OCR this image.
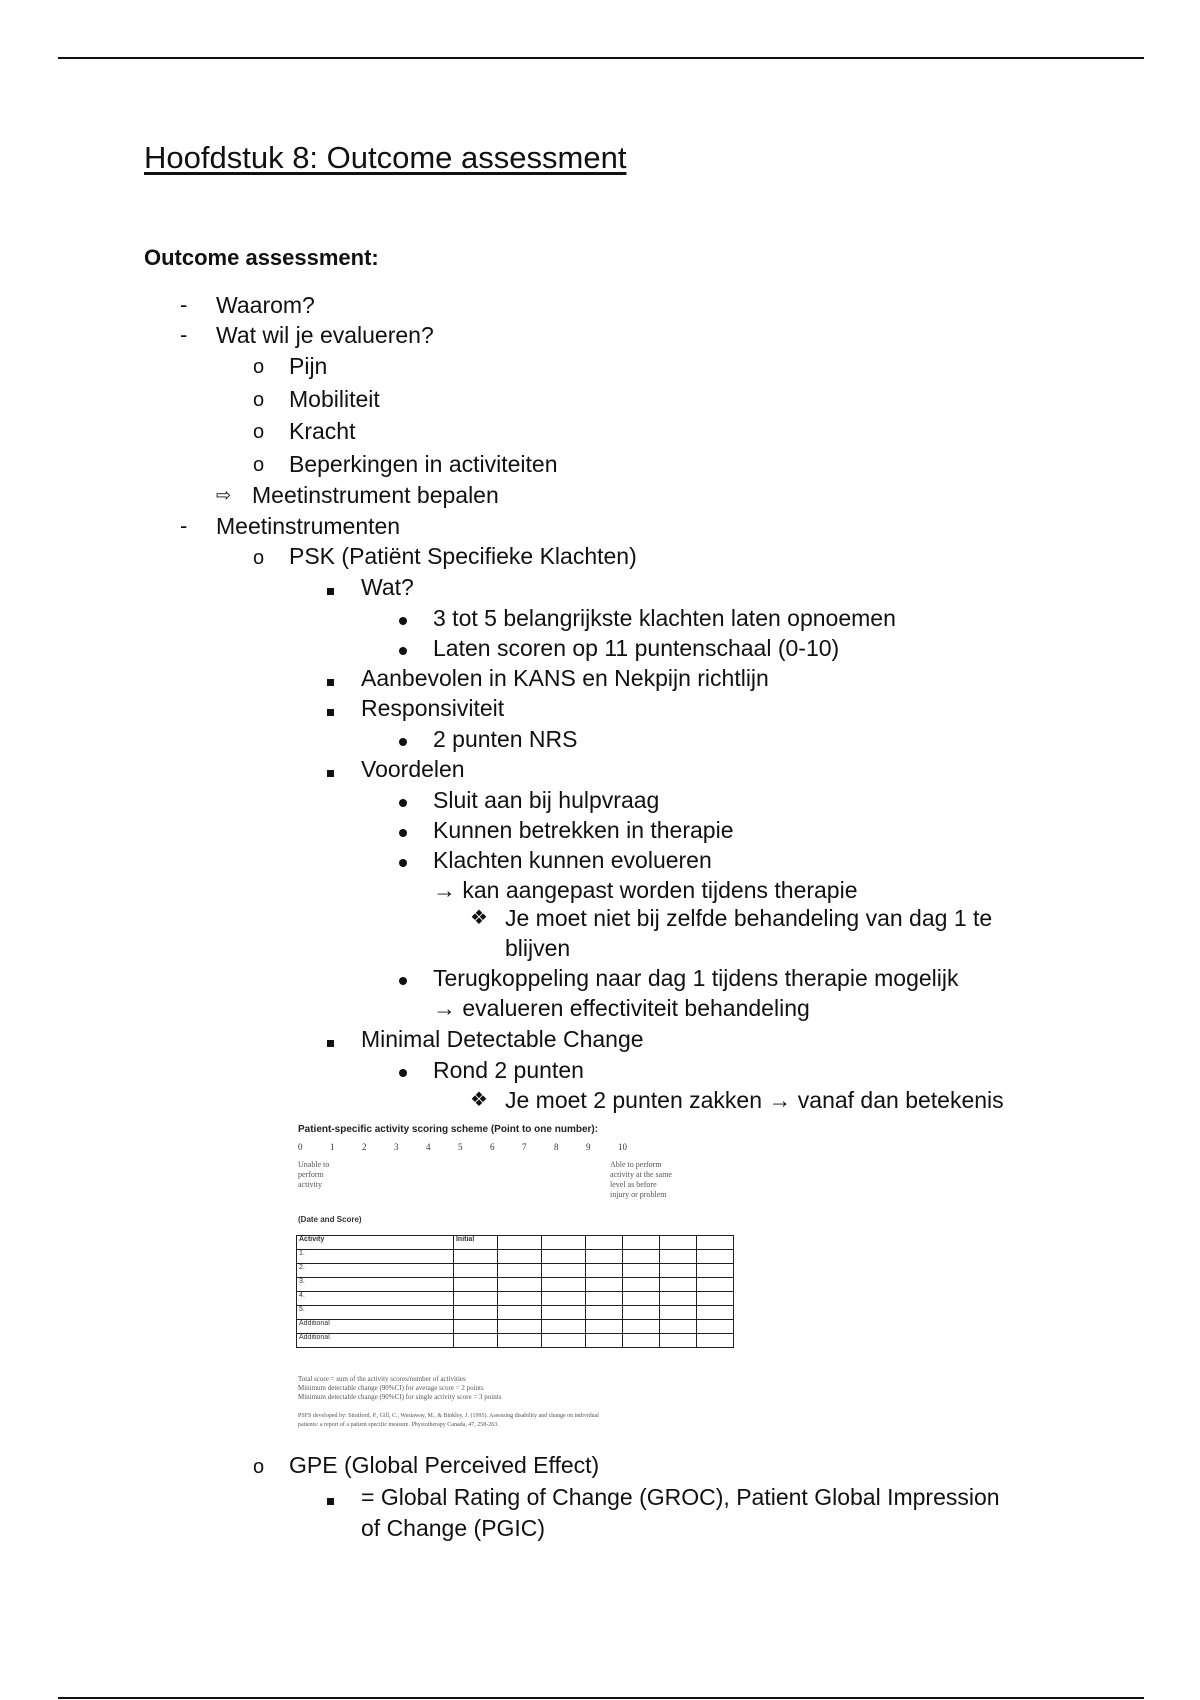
Hoofdstuk 8: Outcome assessment
Outcome assessment:
- Waarom?
- Wat wil je evalueren?
o Pijn
o Mobiliteit
o Kracht
o Beperkingen in activiteiten
⇨ Meetinstrument bepalen
- Meetinstrumenten
o PSK (Patiënt Specifieke Klachten)
Wat?
3 tot 5 belangrijkste klachten laten opnoemen
Laten scoren op 11 puntenschaal (0-10)
Aanbevolen in KANS en Nekpijn richtlijn
Responsiviteit
2 punten NRS
Voordelen
Sluit aan bij hulpvraag
Kunnen betrekken in therapie
Klachten kunnen evolueren
→ kan aangepast worden tijdens therapie
❖ Je moet niet bij zelfde behandeling van dag 1 te
blijven
Terugkoppeling naar dag 1 tijdens therapie mogelijk
→ evalueren effectiviteit behandeling
Minimal Detectable Change
Rond 2 punten
❖ Je moet 2 punten zakken → vanaf dan betekenis
Patient-specific activity scoring scheme (Point to one number):
0	1	2	3	4	5	6	7	8	9	10
Unable to
perform
activity
Able to perform
activity at the same
level as before
injury or problem
(Date and Score)
Activity	Initial						
1.							
2.							
3.							
4.							
5.							
Additional							
Additional							
Total score = sum of the activity scores/number of activities
Minimum detectable change (90%CI) for average score = 2 points
Minimum detectable change (90%CI) for single activity score = 3 points
PSFS developed by: Stratford, P., Gill, C., Westaway, M., & Binkley, J. (1995). Assessing disability and change on individual
patients: a report of a patient specific measure. Physiotherapy Canada, 47, 258-263.
o GPE (Global Perceived Effect)
= Global Rating of Change (GROC), Patient Global Impression
of Change (PGIC)
